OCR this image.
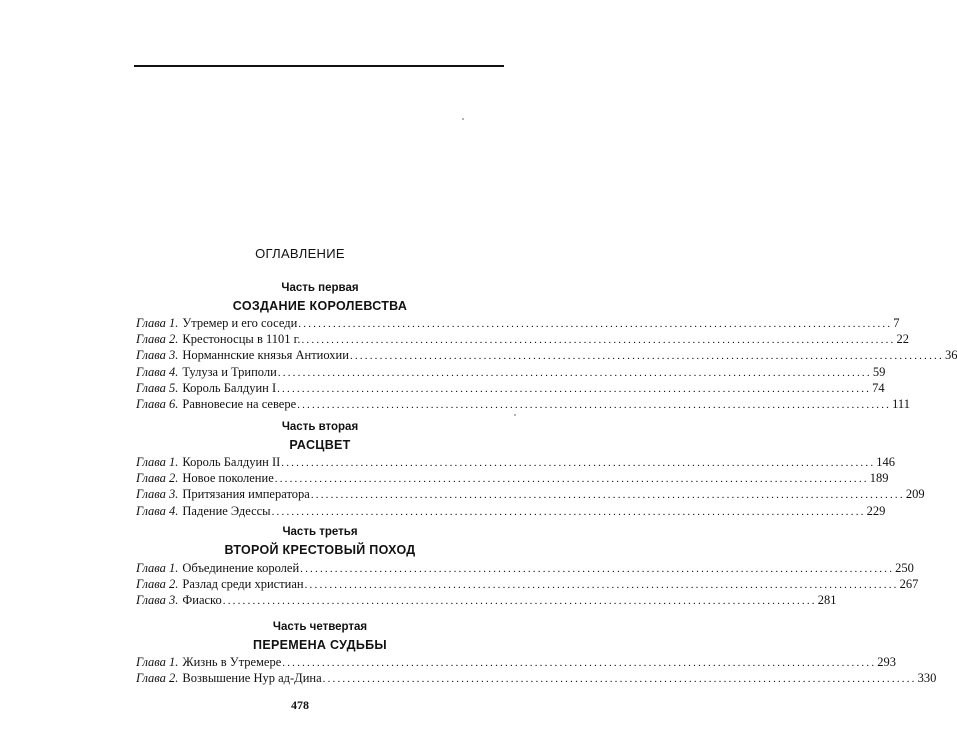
ОГЛАВЛЕНИЕ
Часть первая
СОЗДАНИЕ КОРОЛЕВСТВА
Глава 1. Утремер и его соседи ........................................................................................................................ 7
Глава 2. Крестоносцы в 1101 г. ........................................................................................................................ 22
Глава 3. Норманнские князья Антиохии ........................................................................................................................ 36
Глава 4. Тулуза и Триполи ........................................................................................................................ 59
Глава 5. Король Балдуин I ........................................................................................................................ 74
Глава 6. Равновесие на севере ........................................................................................................................ 111
Часть вторая
РАСЦВЕТ
Глава 1. Король Балдуин II ........................................................................................................................ 146
Глава 2. Новое поколение ........................................................................................................................ 189
Глава 3. Притязания императора ........................................................................................................................ 209
Глава 4. Падение Эдессы ........................................................................................................................ 229
Часть третья
ВТОРОЙ КРЕСТОВЫЙ ПОХОД
Глава 1. Объединение королей ........................................................................................................................ 250
Глава 2. Разлад среди христиан ........................................................................................................................ 267
Глава 3. Фиаско ........................................................................................................................ 281
Часть четвертая
ПЕРЕМЕНА СУДЬБЫ
Глава 1. Жизнь в Утремере ........................................................................................................................ 293
Глава 2. Возвышение Нур ад-Дина ........................................................................................................................ 330
478
